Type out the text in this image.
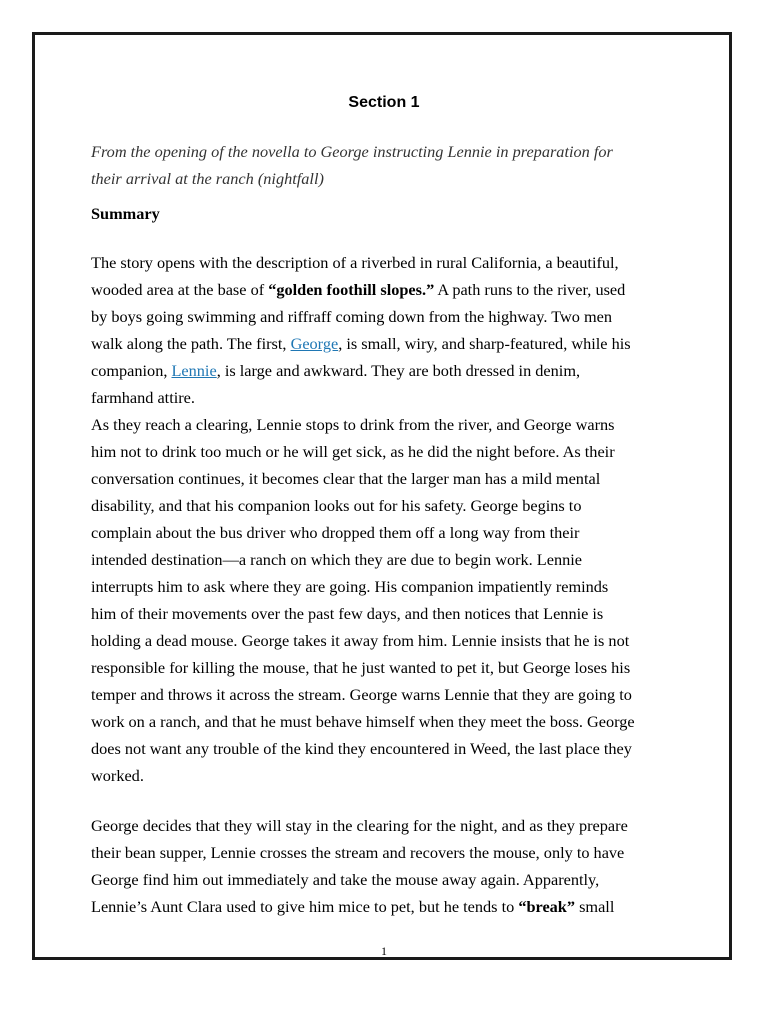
Section 1
From the opening of the novella to George instructing Lennie in preparation for
their arrival at the ranch (nightfall)
Summary
The story opens with the description of a riverbed in rural California, a beautiful,
wooded area at the base of “golden foothill slopes.” A path runs to the river, used
by boys going swimming and riffraff coming down from the highway. Two men
walk along the path. The first, George, is small, wiry, and sharp-featured, while his
companion, Lennie, is large and awkward. They are both dressed in denim,
farmhand attire.
As they reach a clearing, Lennie stops to drink from the river, and George warns
him not to drink too much or he will get sick, as he did the night before. As their
conversation continues, it becomes clear that the larger man has a mild mental
disability, and that his companion looks out for his safety. George begins to
complain about the bus driver who dropped them off a long way from their
intended destination—a ranch on which they are due to begin work. Lennie
interrupts him to ask where they are going. His companion impatiently reminds
him of their movements over the past few days, and then notices that Lennie is
holding a dead mouse. George takes it away from him. Lennie insists that he is not
responsible for killing the mouse, that he just wanted to pet it, but George loses his
temper and throws it across the stream. George warns Lennie that they are going to
work on a ranch, and that he must behave himself when they meet the boss. George
does not want any trouble of the kind they encountered in Weed, the last place they
worked.
George decides that they will stay in the clearing for the night, and as they prepare
their bean supper, Lennie crosses the stream and recovers the mouse, only to have
George find him out immediately and take the mouse away again. Apparently,
Lennie’s Aunt Clara used to give him mice to pet, but he tends to “break” small
1
